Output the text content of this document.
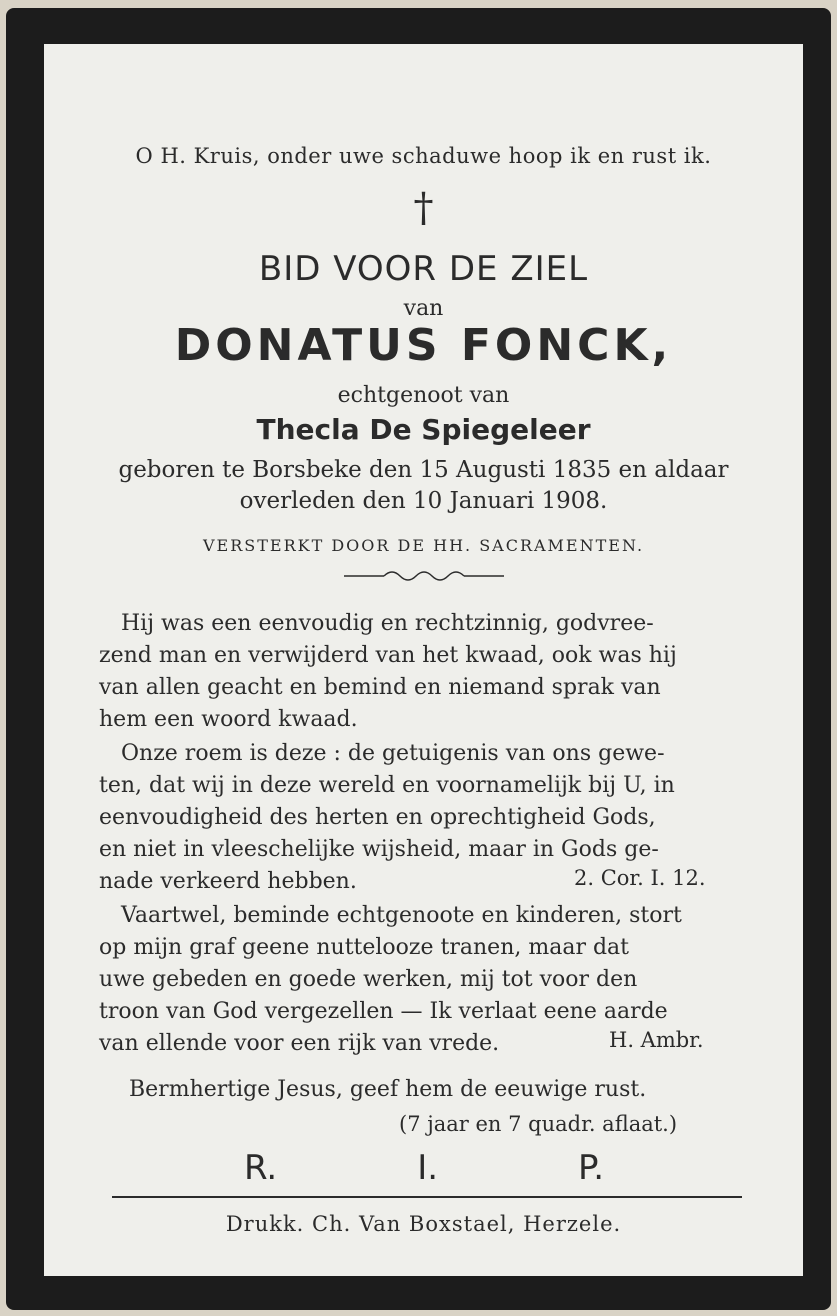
O H. Kruis, onder uwe schaduwe hoop ik en rust ik.
†
BID VOOR DE ZIEL
van
DONATUS FONCK,
echtgenoot van
Thecla De Spiegeleer
geboren te Borsbeke den 15 Augusti 1835 en aldaar
overleden den 10 Januari 1908.
VERSTERKT DOOR DE HH. SACRAMENTEN.
Hij was een eenvoudig en rechtzinnig, godvree-
zend man en verwijderd van het kwaad, ook was hij
van allen geacht en bemind en niemand sprak van
hem een woord kwaad.
Onze roem is deze : de getuigenis van ons gewe-
ten, dat wij in deze wereld en voornamelijk bij U, in
eenvoudigheid des herten en oprechtigheid Gods,
en niet in vleeschelijke wijsheid, maar in Gods ge-
nade verkeerd hebben.	2. Cor. I. 12.
Vaartwel, beminde echtgenoote en kinderen, stort
op mijn graf geene nuttelooze tranen, maar dat
uwe gebeden en goede werken, mij tot voor den
troon van God vergezellen — Ik verlaat eene aarde
van ellende voor een rijk van vrede.	H. Ambr.
Bermhertige Jesus, geef hem de eeuwige rust.
(7 jaar en 7 quadr. aflaat.)
R.	I.	P.
Drukk. Ch. Van Boxstael, Herzele.
